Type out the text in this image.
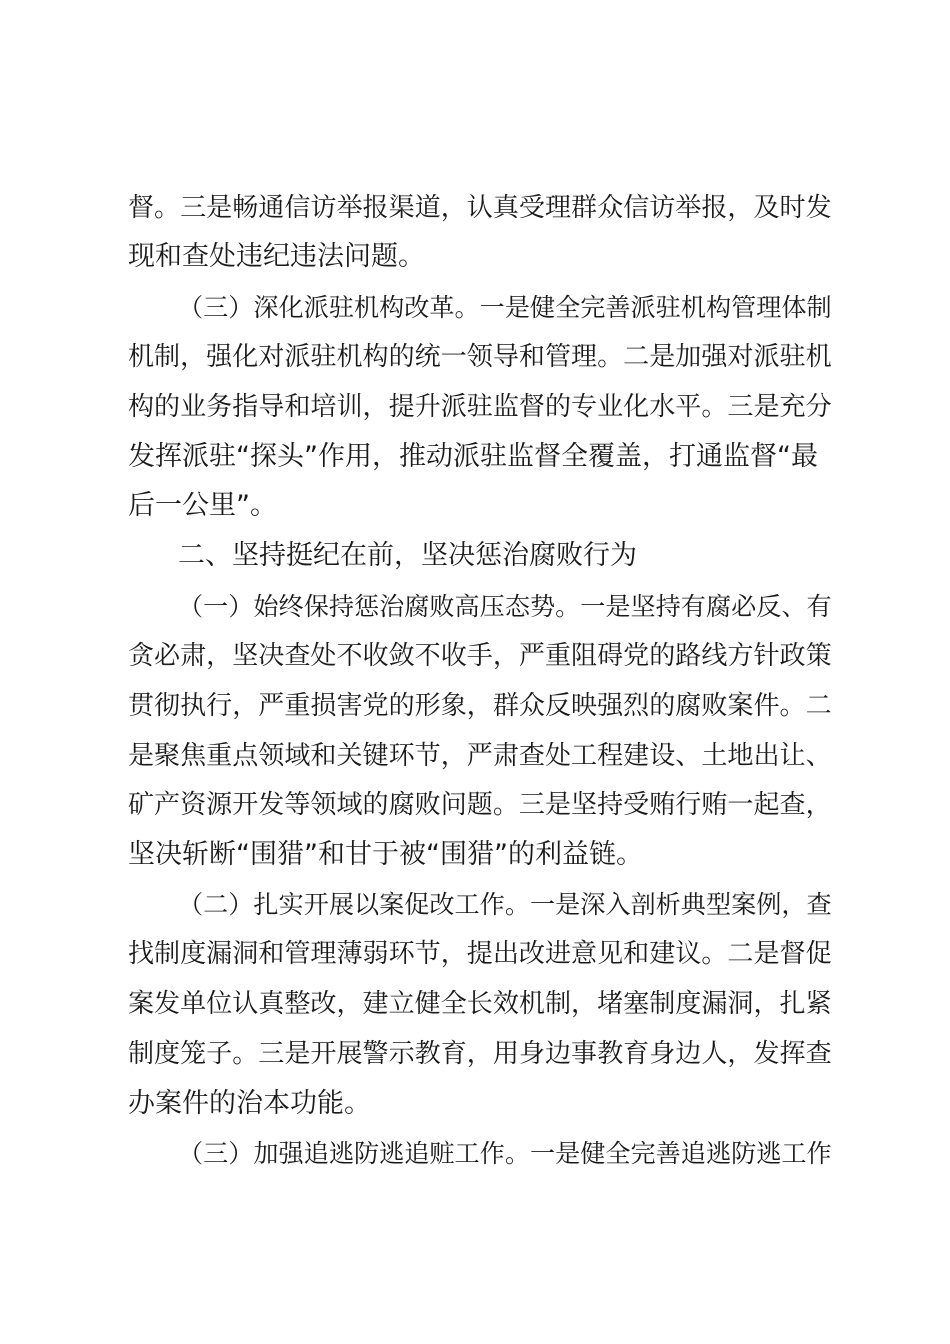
督。三是畅通信访举报渠道，认真受理群众信访举报，及时发
现和查处违纪违法问题。
（三）深化派驻机构改革。一是健全完善派驻机构管理体制
机制，强化对派驻机构的统一领导和管理。二是加强对派驻机
构的业务指导和培训，提升派驻监督的专业化水平。三是充分
发挥派驻“探头”作用，推动派驻监督全覆盖，打通监督“最
后一公里”。
二、坚持挺纪在前，坚决惩治腐败行为
（一）始终保持惩治腐败高压态势。一是坚持有腐必反、有
贪必肃，坚决查处不收敛不收手，严重阻碍党的路线方针政策
贯彻执行，严重损害党的形象，群众反映强烈的腐败案件。二
是聚焦重点领域和关键环节，严肃查处工程建设、土地出让、
矿产资源开发等领域的腐败问题。三是坚持受贿行贿一起查，
坚决斩断“围猎”和甘于被“围猎”的利益链。
（二）扎实开展以案促改工作。一是深入剖析典型案例，查
找制度漏洞和管理薄弱环节，提出改进意见和建议。二是督促
案发单位认真整改，建立健全长效机制，堵塞制度漏洞，扎紧
制度笼子。三是开展警示教育，用身边事教育身边人，发挥查
办案件的治本功能。
（三）加强追逃防逃追赃工作。一是健全完善追逃防逃工作
